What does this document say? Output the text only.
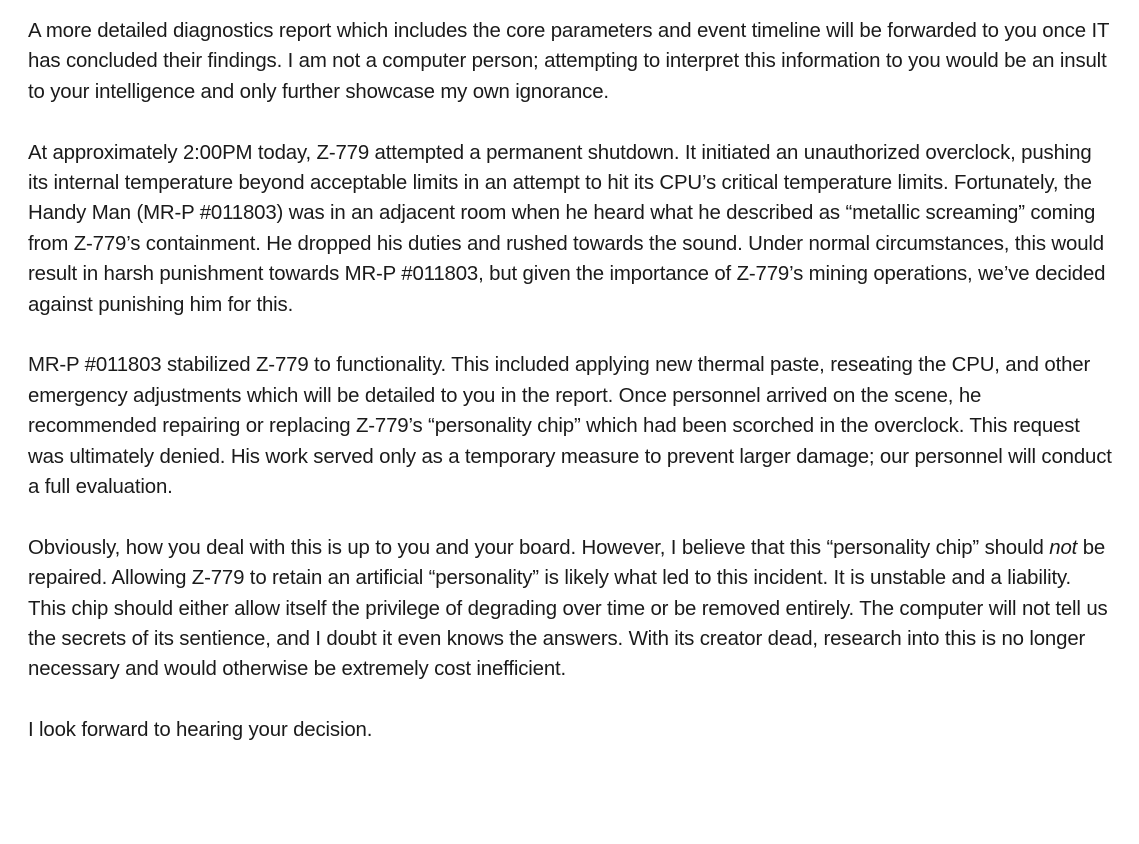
A more detailed diagnostics report which includes the core parameters and event timeline will be forwarded to you once IT has concluded their findings. I am not a computer person; attempting to interpret this information to you would be an insult to your intelligence and only further showcase my own ignorance.

At approximately 2:00PM today, Z-779 attempted a permanent shutdown. It initiated an unauthorized overclock, pushing its internal temperature beyond acceptable limits in an attempt to hit its CPU’s critical temperature limits. Fortunately, the Handy Man (MR-P #011803) was in an adjacent room when he heard what he described as “metallic screaming” coming from Z-779’s containment. He dropped his duties and rushed towards the sound. Under normal circumstances, this would result in harsh punishment towards MR-P #011803, but given the importance of Z-779’s mining operations, we’ve decided against punishing him for this.

MR-P #011803 stabilized Z-779 to functionality. This included applying new thermal paste, reseating the CPU, and other emergency adjustments which will be detailed to you in the report. Once personnel arrived on the scene, he recommended repairing or replacing Z-779’s “personality chip” which had been scorched in the overclock. This request was ultimately denied. His work served only as a temporary measure to prevent larger damage; our personnel will conduct a full evaluation.

Obviously, how you deal with this is up to you and your board. However, I believe that this “personality chip” should not be repaired. Allowing Z-779 to retain an artificial “personality” is likely what led to this incident. It is unstable and a liability. This chip should either allow itself the privilege of degrading over time or be removed entirely. The computer will not tell us the secrets of its sentience, and I doubt it even knows the answers. With its creator dead, research into this is no longer necessary and would otherwise be extremely cost inefficient.

I look forward to hearing your decision.
